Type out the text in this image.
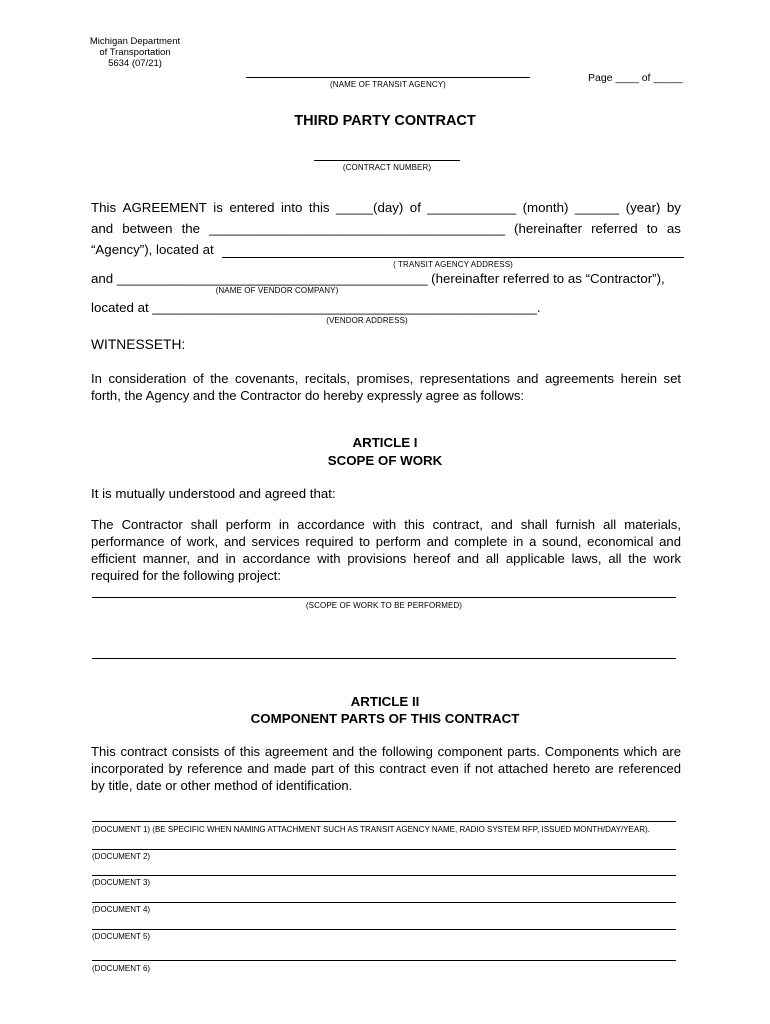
Michigan Department
of Transportation
5634 (07/21)
(NAME OF TRANSIT AGENCY)
Page ____ of _____
THIRD PARTY CONTRACT
(CONTRACT NUMBER)
This AGREEMENT is entered into this _____(day) of ____________ (month) ______ (year) by
and between the ________________________________________ (hereinafter referred to as
“Agency”), located at
( TRANSIT AGENCY ADDRESS)
and __________________________________________ (hereinafter referred to as “Contractor”),
(NAME OF VENDOR COMPANY)
located at ____________________________________________________.
(VENDOR ADDRESS)
WITNESSETH:
In consideration of the covenants, recitals, promises, representations and agreements herein set forth, the Agency and the Contractor do hereby expressly agree as follows:
ARTICLE I
SCOPE OF WORK
It is mutually understood and agreed that:
The Contractor shall perform in accordance with this contract, and shall furnish all materials, performance of work, and services required to perform and complete in a sound, economical and efficient manner, and in accordance with provisions hereof and all applicable laws, all the work required for the following project:
(SCOPE OF WORK TO BE PERFORMED)
ARTICLE II
COMPONENT PARTS OF THIS CONTRACT
This contract consists of this agreement and the following component parts. Components which are incorporated by reference and made part of this contract even if not attached hereto are referenced by title, date or other method of identification.
(DOCUMENT 1) (BE SPECIFIC WHEN NAMING ATTACHMENT SUCH AS TRANSIT AGENCY NAME, RADIO SYSTEM RFP, ISSUED MONTH/DAY/YEAR).
(DOCUMENT 2)
(DOCUMENT 3)
(DOCUMENT 4)
(DOCUMENT 5)
(DOCUMENT 6)
